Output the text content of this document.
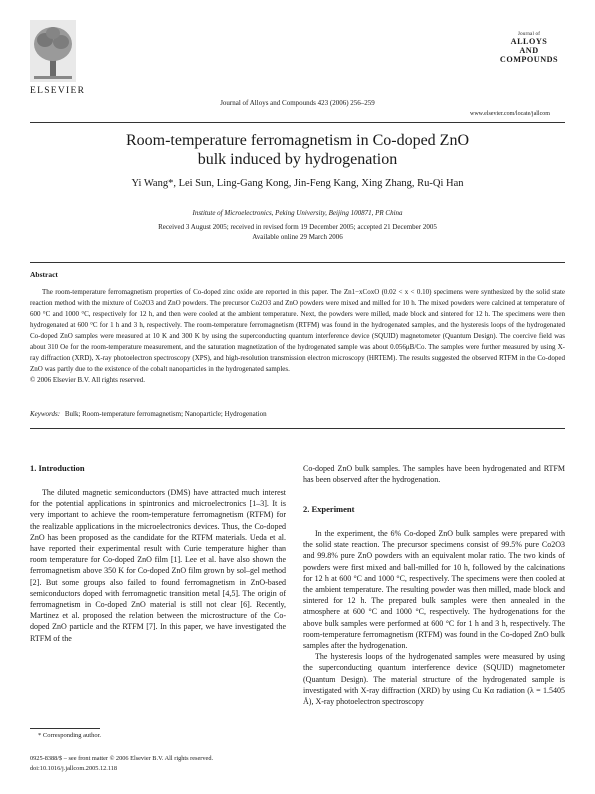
ELSEVIER
Journal of Alloys and Compounds 423 (2006) 256–259
Journal of
ALLOYS
AND COMPOUNDS
www.elsevier.com/locate/jallcom
Room-temperature ferromagnetism in Co-doped ZnO
bulk induced by hydrogenation
Yi Wang*, Lei Sun, Ling-Gang Kong, Jin-Feng Kang, Xing Zhang, Ru-Qi Han
Institute of Microelectronics, Peking University, Beijing 100871, PR China
Received 3 August 2005; received in revised form 19 December 2005; accepted 21 December 2005
Available online 29 March 2006
Abstract
The room-temperature ferromagnetism properties of Co-doped zinc oxide are reported in this paper. The Zn1−xCoxO (0.02 < x < 0.10) specimens were synthesized by the solid state reaction method with the mixture of Co2O3 and ZnO powders. The precursor Co2O3 and ZnO powders were mixed and milled for 10 h. The mixed powders were calcined at temperature of 600 °C and 1000 °C, respectively for 12 h, and then were cooled at the ambient temperature. Next, the powders were milled, made block and sintered for 12 h. The specimens were then hydrogenated at 600 °C for 1 h and 3 h, respectively. The room-temperature ferromagnetism (RTFM) was found in the hydrogenated samples, and the hysteresis loops of the hydrogenated Co-doped ZnO samples were measured at 10 K and 300 K by using the superconducting quantum interference device (SQUID) magnetometer (Quantum Design). The coercive field was about 310 Oe for the room-temperature measurement, and the saturation magnetization of the hydrogenated sample was about 0.056μB/Co. The samples were further measured by using X-ray diffraction (XRD), X-ray photoelectron spectroscopy (XPS), and high-resolution transmission electron microscopy (HRTEM). The results suggested the observed RTFM in the Co-doped ZnO was partly due to the existence of the cobalt nanoparticles in the hydrogenated samples.
© 2006 Elsevier B.V. All rights reserved.
Keywords: Bulk; Room-temperature ferromagnetism; Nanoparticle; Hydrogenation
1. Introduction

The diluted magnetic semiconductors (DMS) have attracted much interest for the potential applications in spintronics and microelectronics [1–3]. It is very important to achieve the room-temperature ferromagnetism (RTFM) for the realizable applications in the microelectronics devices. Thus, the Co-doped ZnO has been proposed as the candidate for the RTFM materials. Ueda et al. have reported their experimental result with Curie temperature higher than room temperature for Co-doped ZnO film [1]. Lee et al. have also shown the ferromagnetism above 350 K for Co-doped ZnO film grown by sol–gel method [2]. But some groups also failed to found ferromagnetism in ZnO-based semiconductors doped with ferromagnetic transition metal [4,5]. The origin of ferromagnetism in Co-doped ZnO material is still not clear [6]. Recently, Martinez et al. proposed the relation between the microstructure of the Co-doped ZnO particle and the RTFM [7]. In this paper, we have investigated the RTFM of the

* Corresponding author.
0925-8388/$ – see front matter © 2006 Elsevier B.V. All rights reserved.
doi:10.1016/j.jallcom.2005.12.118

Co-doped ZnO bulk samples. The samples have been hydrogenated and RTFM has been observed after the hydrogenation.

2. Experiment

In the experiment, the 6% Co-doped ZnO bulk samples were prepared with the solid state reaction. The precursor specimens consist of 99.5% pure Co2O3 and 99.8% pure ZnO powders with an equivalent molar ratio. The two kinds of powders were first mixed and ball-milled for 10 h, followed by the calcinations for 12 h at 600 °C and 1000 °C, respectively. The specimens were then cooled at the ambient temperature. The resulting powder was then milled, made block and sintered for 12 h. The prepared bulk samples were then annealed in the atmosphere at 600 °C and 1000 °C, respectively. The hydrogenations for the above bulk samples were performed at 600 °C for 1 h and 3 h, respectively. The room-temperature ferromagnetism (RTFM) was found in the Co-doped ZnO bulk samples after the hydrogenation.

The hysteresis loops of the hydrogenated samples were measured by using the superconducting quantum interference device (SQUID) magnetometer (Quantum Design). The material structure of the hydrogenated sample is investigated with X-ray diffraction (XRD) by using Cu Kα radiation (λ = 1.5405 Å), X-ray photoelectron spectroscopy
